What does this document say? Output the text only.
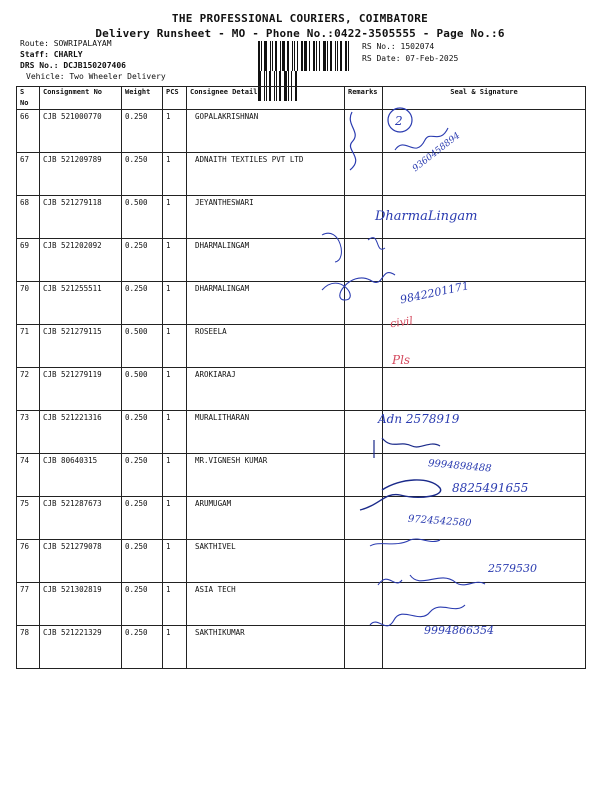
THE PROFESSIONAL COURIERS, COIMBATORE
Delivery Runsheet - MO - Phone No.:0422-3505555 - Page No.:6
Route: SOWRIPALAYAM
Staff: CHARLY
DRS No.: DCJB150207406
Vehicle: Two Wheeler Delivery
RS No.: 1502074
RS Date: 07-Feb-2025
S No	Consignment No	Weight	PCS	Consignee Details	Remarks	Seal & Signature
66	CJB 521000770	0.250	1	GOPALAKRISHNAN		
67	CJB 521209789	0.250	1	ADNAITH TEXTILES PVT LTD		
68	CJB 521279118	0.500	1	JEYANTHESWARI		
69	CJB 521202092	0.250	1	DHARMALINGAM		
70	CJB 521255511	0.250	1	DHARMALINGAM		
71	CJB 521279115	0.500	1	ROSEELA		
72	CJB 521279119	0.500	1	AROKIARAJ		
73	CJB 521221316	0.250	1	MURALITHARAN		
74	CJB 80640315	0.250	1	MR.VIGNESH KUMAR		
75	CJB 521287673	0.250	1	ARUMUGAM		
76	CJB 521279078	0.250	1	SAKTHIVEL		
77	CJB 521302819	0.250	1	ASIA TECH		
78	CJB 521221329	0.250	1	SAKTHIKUMAR		
2
9360458894
DharmaLingam
9842201171
civil
Pls
Adn 2578919
9994898488
8825491655
9724542580
2579530
9994866354
